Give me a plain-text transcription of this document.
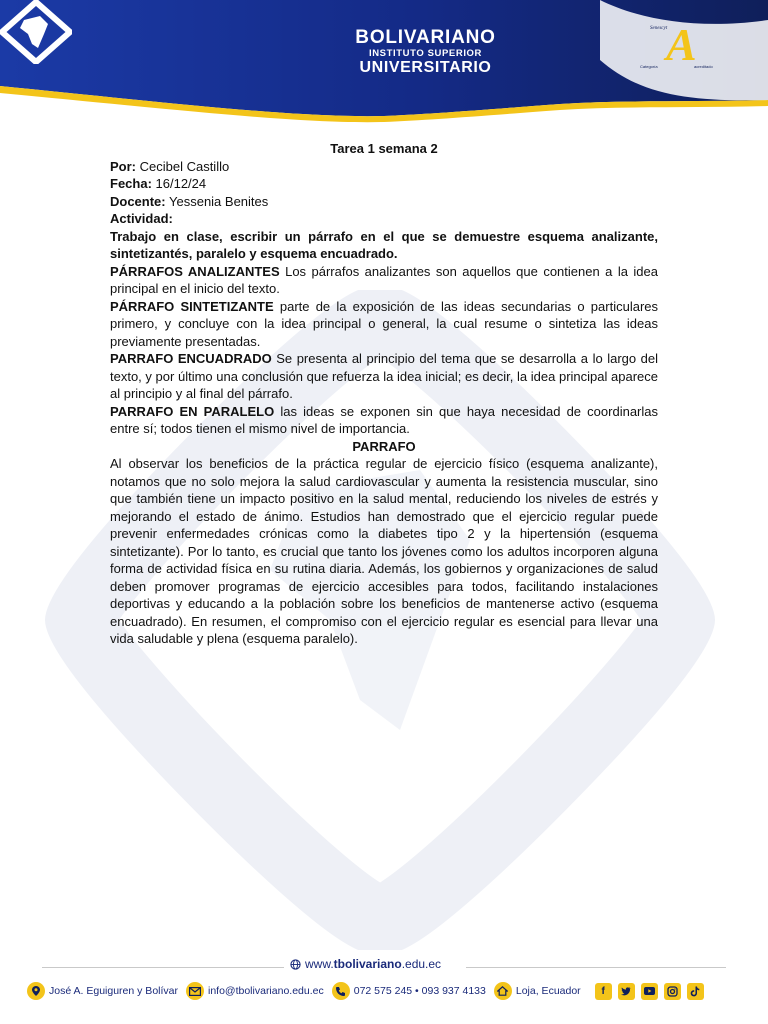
BOLIVARIANO
INSTITUTO SUPERIOR
UNIVERSITARIO
Senescyt
A
Categoría	acreditado

Tarea 1 semana 2

Por: Cecibel Castillo

Fecha: 16/12/24

Docente: Yessenia Benites

Actividad:

Trabajo en clase, escribir un párrafo en el que se demuestre esquema analizante, sintetizantés, paralelo y esquema encuadrado.

PÁRRAFOS ANALIZANTES Los párrafos analizantes son aquellos que contienen a la idea principal en el inicio del texto.

PÁRRAFO SINTETIZANTE parte de la exposición de las ideas secundarias o particulares primero, y concluye con la idea principal o general, la cual resume o sintetiza las ideas previamente presentadas.

PARRAFO ENCUADRADO Se presenta al principio del tema que se desarrolla a lo largo del texto, y por último una conclusión que refuerza la idea inicial; es decir, la idea principal aparece al principio y al final del párrafo.

PARRAFO EN PARALELO las ideas se exponen sin que haya necesidad de coordinarlas entre sí; todos tienen el mismo nivel de importancia.

PARRAFO

Al observar los beneficios de la práctica regular de ejercicio físico (esquema analizante), notamos que no solo mejora la salud cardiovascular y aumenta la resistencia muscular, sino que también tiene un impacto positivo en la salud mental, reduciendo los niveles de estrés y mejorando el estado de ánimo. Estudios han demostrado que el ejercicio regular puede prevenir enfermedades crónicas como la diabetes tipo 2 y la hipertensión (esquema sintetizante). Por lo tanto, es crucial que tanto los jóvenes como los adultos incorporen alguna forma de actividad física en su rutina diaria. Además, los gobiernos y organizaciones de salud deben promover programas de ejercicio accesibles para todos, facilitando instalaciones deportivas y educando a la población sobre los beneficios de mantenerse activo (esquema encuadrado). En resumen, el compromiso con el ejercicio regular es esencial para llevar una vida saludable y plena (esquema paralelo).

www.tbolivariano.edu.ec
José A. Eguiguren y Bolívar	info@tbolivariano.edu.ec	072 575 245 • 093 937 4133	Loja, Ecuador	f
